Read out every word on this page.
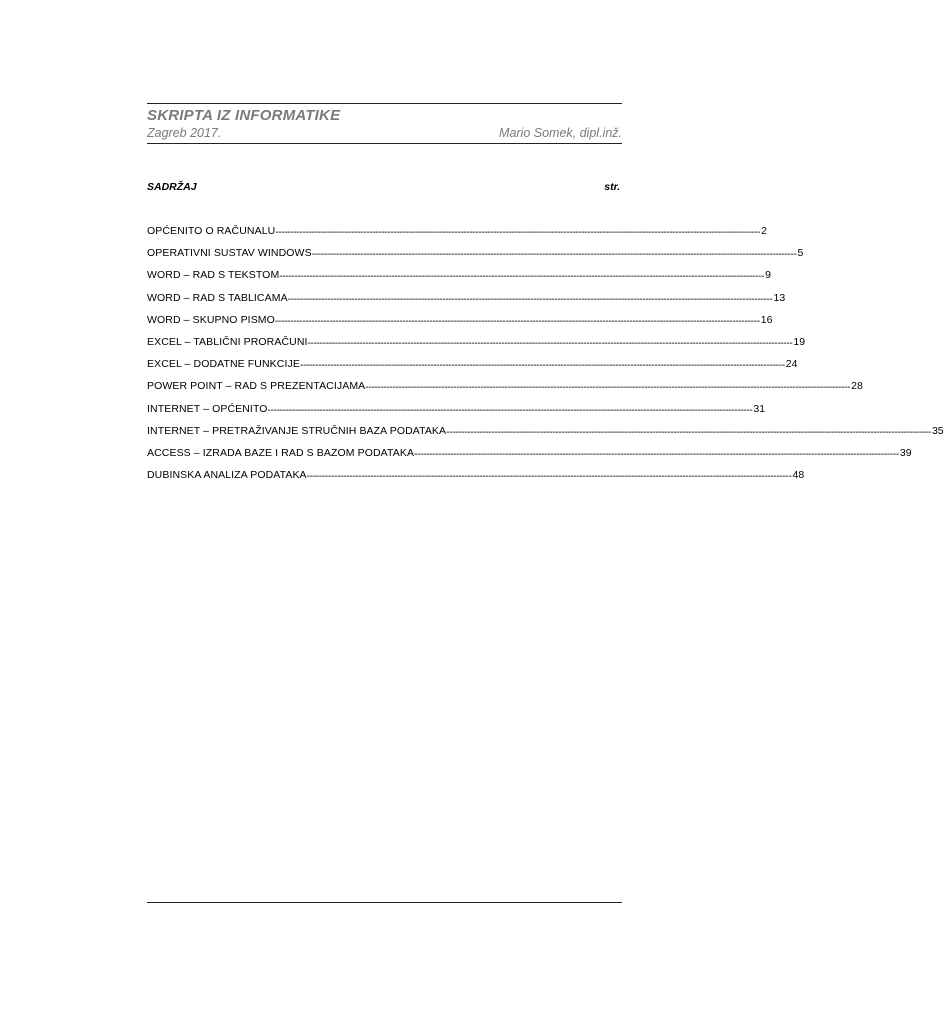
SKRIPTA IZ INFORMATIKE
Zagreb 2017.	Mario Somek, dipl.inž.
SADRŽAJ	str.
OPĆENITO O RAČUNALU ---------------------------------------------------------------------------------------------------------------------------------------------------------------- 2
OPERATIVNI SUSTAV WINDOWS ---------------------------------------------------------------------------------------------------------------------------------------------------------------- 5
WORD – RAD S TEKSTOM ---------------------------------------------------------------------------------------------------------------------------------------------------------------- 9
WORD – RAD S TABLICAMA ---------------------------------------------------------------------------------------------------------------------------------------------------------------- 13
WORD – SKUPNO PISMO ---------------------------------------------------------------------------------------------------------------------------------------------------------------- 16
EXCEL – TABLIČNI PRORAČUNI ---------------------------------------------------------------------------------------------------------------------------------------------------------------- 19
EXCEL – DODATNE FUNKCIJE ---------------------------------------------------------------------------------------------------------------------------------------------------------------- 24
POWER POINT – RAD S PREZENTACIJAMA ---------------------------------------------------------------------------------------------------------------------------------------------------------------- 28
INTERNET – OPĆENITO ---------------------------------------------------------------------------------------------------------------------------------------------------------------- 31
INTERNET – PRETRAŽIVANJE STRUČNIH BAZA PODATAKA ---------------------------------------------------------------------------------------------------------------------------------------------------------------- 35
ACCESS – IZRADA BAZE I RAD S BAZOM PODATAKA ---------------------------------------------------------------------------------------------------------------------------------------------------------------- 39
DUBINSKA ANALIZA PODATAKA ---------------------------------------------------------------------------------------------------------------------------------------------------------------- 48
